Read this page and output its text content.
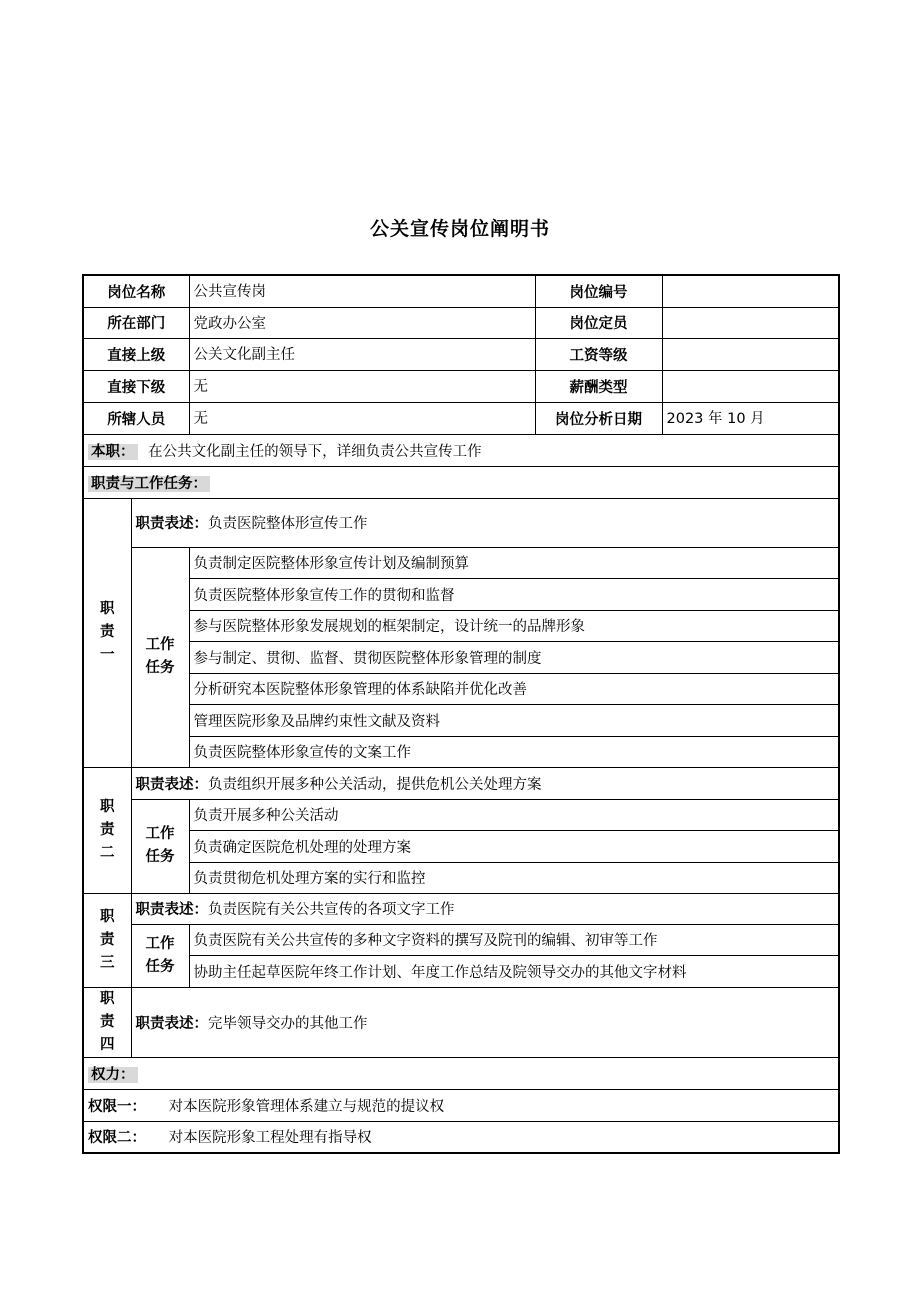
公关宣传岗位阐明书
岗位名称		公共宣传岗	岗位编号	
所在部门		党政办公室	岗位定员	
直接上级		公关文化副主任	工资等级	
直接下级		无	薪酬类型	
所辖人员		无	岗位分析日期	2023 年 10 月
本职： 在公共文化副主任的领导下，详细负责公共宣传工作				
职责与工作任务：				
职责一	职责表述：负责医院整体形宣传工作			
	工作任务	负责制定医院整体形象宣传计划及编制预算		
		负责医院整体形象宣传工作的贯彻和监督		
		参与医院整体形象发展规划的框架制定，设计统一的品牌形象		
		参与制定、贯彻、监督、贯彻医院整体形象管理的制度		
		分析研究本医院整体形象管理的体系缺陷并优化改善		
		管理医院形象及品牌约束性文献及资料		
		负责医院整体形象宣传的文案工作		
职责二	职责表述：负责组织开展多种公关活动，提供危机公关处理方案			
	工作任务	负责开展多种公关活动		
		负责确定医院危机处理的处理方案		
		负责贯彻危机处理方案的实行和监控		
职责三	职责表述：负责医院有关公共宣传的各项文字工作			
	工作任务	负责医院有关公共宣传的多种文字资料的撰写及院刊的编辑、初审等工作		
		协助主任起草医院年终工作计划、年度工作总结及院领导交办的其他文字材料		
职责四	职责表述：完毕领导交办的其他工作			
权力：				
权限一： 对本医院形象管理体系建立与规范的提议权				
权限二： 对本医院形象工程处理有指导权				
